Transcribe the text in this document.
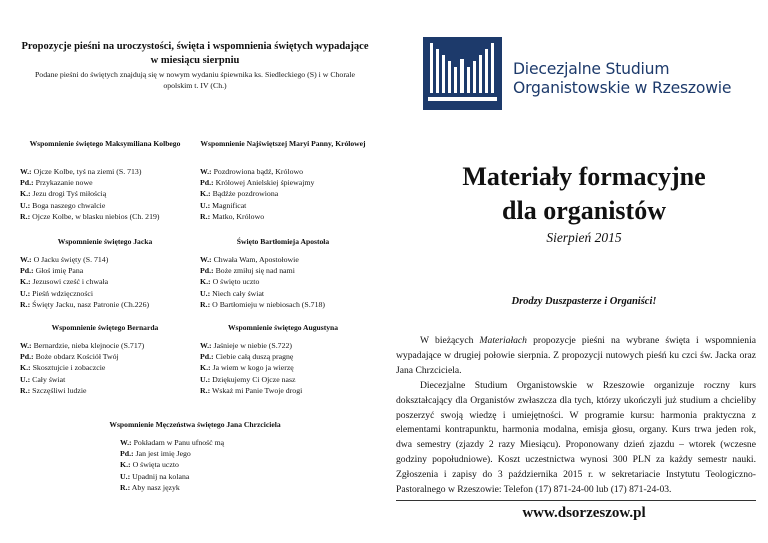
Propozycje pieśni na uroczystości, święta i wspomnienia świętych wypadające w miesiącu sierpniu
Podane pieśni do świętych znajdują się w nowym wydaniu śpiewnika ks. Siedleckiego (S) i w Chorale opolskim t. IV (Ch.)
Wspomnienie świętego Maksymiliana Kolbego
W.: Ojcze Kolbe, tyś na ziemi (S. 713)
Pd.: Przykazanie nowe
K.: Jezu drogi Tyś miłością
U.: Boga naszego chwalcie
R.: Ojcze Kolbe, w blasku niebios (Ch. 219)
Wspomnienie Najświętszej Maryi Panny, Królowej
W.: Pozdrowiona bądź, Królowo
Pd.: Królowej Anielskiej śpiewajmy
K.: Bądźże pozdrowiona
U.: Magnificat
R.: Matko, Królowo
Wspomnienie świętego Jacka
W.: O Jacku święty (S. 714)
Pd.: Głoś imię Pana
K.: Jezusowi cześć i chwała
U.: Pieśń wdzięczności
R.: Święty Jacku, nasz Patronie (Ch.226)
Święto Bartłomieja Apostoła
W.: Chwała Wam, Apostołowie
Pd.: Boże zmiłuj się nad nami
K.: O święto uczto
U.: Niech cały świat
R.: O Bartłomieju w niebiosach (S.718)
Wspomnienie świętego Bernarda
W.: Bernardzie, nieba klejnocie (S.717)
Pd.: Boże obdarz Kościół Twój
K.: Skosztujcie i zobaczcie
U.: Cały świat
R.: Szczęśliwi ludzie
Wspomnienie świętego Augustyna
W.: Jaśnieje w niebie (S.722)
Pd.: Ciebie całą duszą pragnę
K.: Ja wiem w kogo ja wierzę
U.: Dziękujemy Ci Ojcze nasz
R.: Wskaż mi Panie Twoje drogi
Wspomnienie Męczeństwa świętego Jana Chrzciciela
W.: Pokładam w Panu ufność mą
Pd.: Jan jest imię Jego
K.: O święta uczto
U.: Upadnij na kolana
R.: Aby nasz język
Diecezjalne Studium
Organistowskie w Rzeszowie
Materiały formacyjne
dla organistów
Sierpień 2015
Drodzy Duszpasterze i Organiści!

W bieżących Materiałach propozycje pieśni na wybrane święta i wspomnienia wypadające w drugiej połowie sierpnia. Z propozycji nutowych pieśń ku czci św. Jacka oraz Jana Chrzciciela.

Diecezjalne Studium Organistowskie w Rzeszowie organizuje roczny kurs dokształcający dla Organistów zwłaszcza dla tych, którzy ukończyli już studium a chcieliby poszerzyć swoją wiedzę i umiejętności. W programie kursu: harmonia praktyczna z elementami kontrapunktu, harmonia modalna, emisja głosu, organy. Kurs trwa jeden rok, dwa semestry (zjazdy 2 razy Miesiącu). Proponowany dzień zjazdu – wtorek (wczesne godziny popołudniowe). Koszt uczestnictwa wynosi 300 PLN za każdy semestr nauki. Zgłoszenia i zapisy do 3 października 2015 r. w sekretariacie Instytutu Teologiczno-Pastoralnego w Rzeszowie: Telefon (17) 871-24-00 lub (17) 871-24-03.

www.dsorzeszow.pl
